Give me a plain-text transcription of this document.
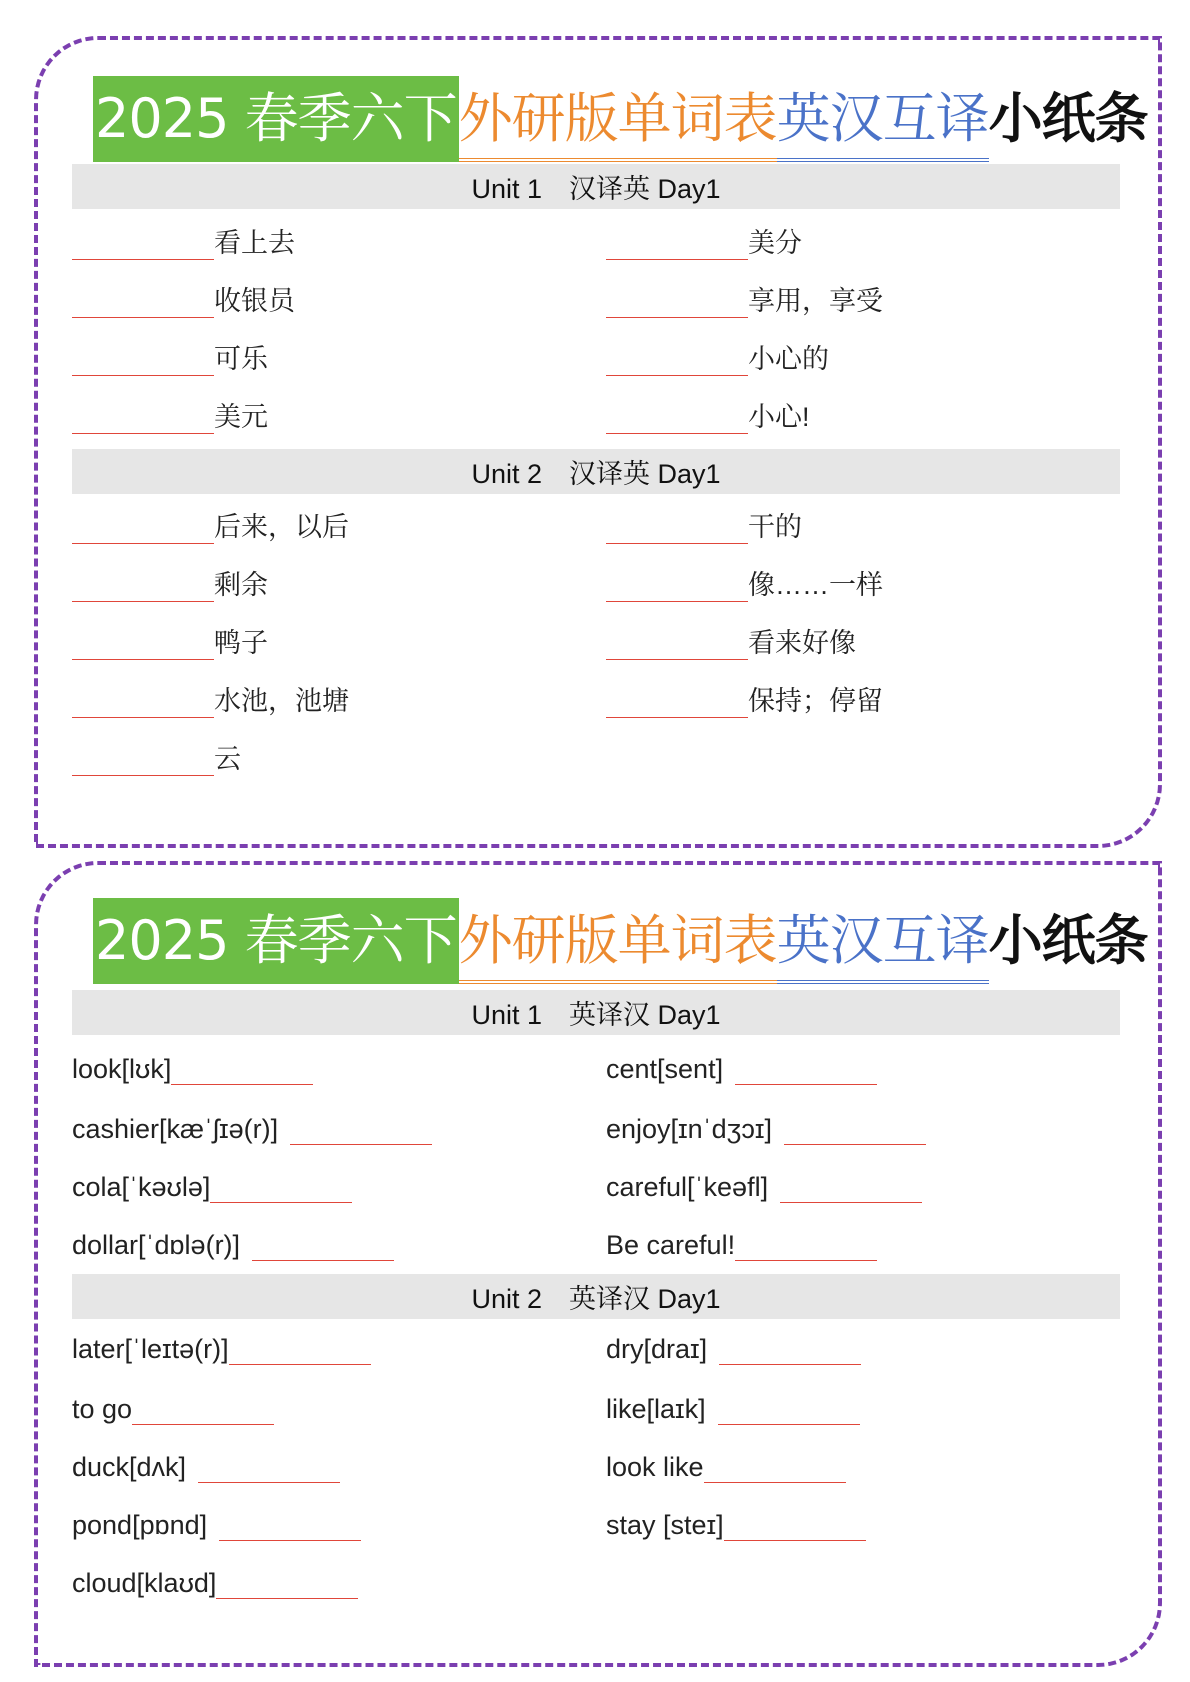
2025 春季六下 外研版单词表 英汉互译 小纸条
Unit 1　汉译英 Day1
看上去	美分
收银员	享用，享受
可乐	小心的
美元	小心!
Unit 2　汉译英 Day1
后来，以后	干的
剩余	像……一样
鸭子	看来好像
水池，池塘	保持；停留
云
2025 春季六下 外研版单词表 英汉互译 小纸条
Unit 1　英译汉 Day1
look[lʊk]	cent[sent]
cashier[kæˈʃɪə(r)]	enjoy[ɪnˈdʒɔɪ]
cola[ˈkəʊlə]	careful[ˈkeəfl]
dollar[ˈdɒlə(r)]	Be careful!
Unit 2　英译汉 Day1
later[ˈleɪtə(r)]	dry[draɪ]
to go	like[laɪk]
duck[dʌk]	look like
pond[pɒnd]	stay [steɪ]
cloud[klaʊd]
